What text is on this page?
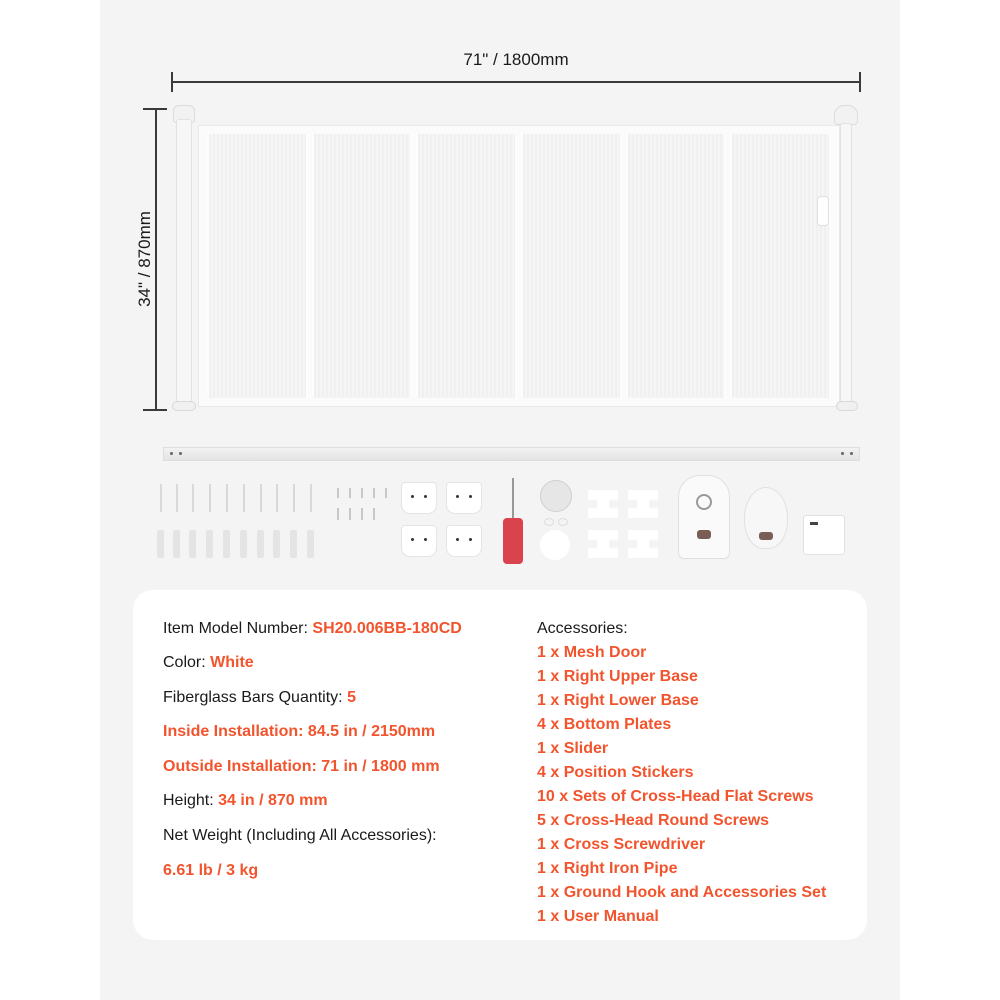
71" / 1800mm
34" / 870mm
Item Model Number: SH20.006BB-180CD
Color: White
Fiberglass Bars Quantity: 5
Inside Installation: 84.5 in / 2150mm
Outside Installation: 71 in / 1800 mm
Height: 34 in / 870 mm
Net Weight (Including All Accessories):
6.61 lb / 3 kg
Accessories:
1 x Mesh Door
1 x Right Upper Base
1 x Right Lower Base
4 x Bottom Plates
1 x Slider
4 x Position Stickers
10 x Sets of Cross-Head Flat Screws
5 x Cross-Head Round Screws
1 x Cross Screwdriver
1 x Right Iron Pipe
1 x Ground Hook and Accessories Set
1 x User Manual
